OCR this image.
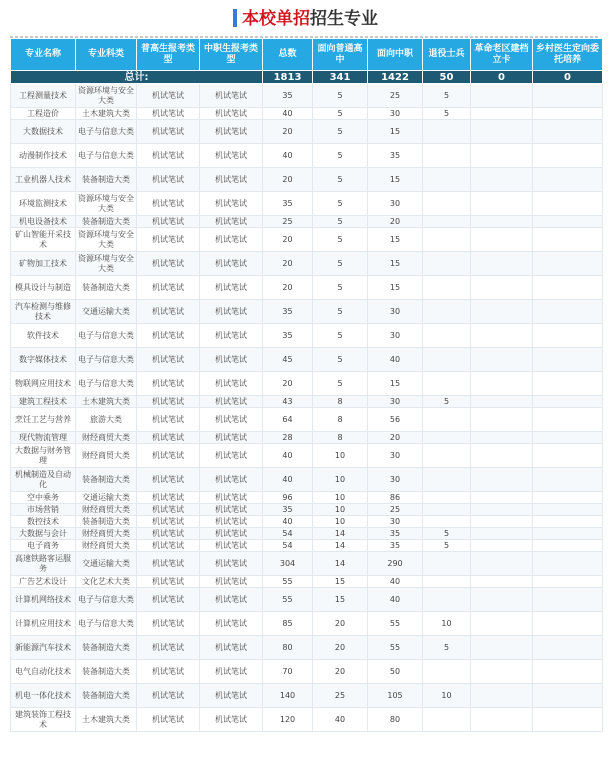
本校单招招生专业
专业名称	专业科类	普高生报考类型	中职生报考类型	总数	面向普通高中	面向中职	退役士兵	革命老区建档立卡	乡村医生定向委托培养
总计:				1813	341	1422	50	0	0
工程测量技术	资源环境与安全大类	机试笔试	机试笔试	35	5	25	5		
工程造价	土木建筑大类	机试笔试	机试笔试	40	5	30	5		
大数据技术	电子与信息大类	机试笔试	机试笔试	20	5	15			
动漫制作技术	电子与信息大类	机试笔试	机试笔试	40	5	35			
工业机器人技术	装备制造大类	机试笔试	机试笔试	20	5	15			
环境监测技术	资源环境与安全大类	机试笔试	机试笔试	35	5	30			
机电设备技术	装备制造大类	机试笔试	机试笔试	25	5	20			
矿山智能开采技术	资源环境与安全大类	机试笔试	机试笔试	20	5	15			
矿物加工技术	资源环境与安全大类	机试笔试	机试笔试	20	5	15			
模具设计与制造	装备制造大类	机试笔试	机试笔试	20	5	15			
汽车检测与维修技术	交通运输大类	机试笔试	机试笔试	35	5	30			
软件技术	电子与信息大类	机试笔试	机试笔试	35	5	30			
数字媒体技术	电子与信息大类	机试笔试	机试笔试	45	5	40			
物联网应用技术	电子与信息大类	机试笔试	机试笔试	20	5	15			
建筑工程技术	土木建筑大类	机试笔试	机试笔试	43	8	30	5		
烹饪工艺与营养	旅游大类	机试笔试	机试笔试	64	8	56			
现代物流管理	财经商贸大类	机试笔试	机试笔试	28	8	20			
大数据与财务管理	财经商贸大类	机试笔试	机试笔试	40	10	30			
机械制造及自动化	装备制造大类	机试笔试	机试笔试	40	10	30			
空中乘务	交通运输大类	机试笔试	机试笔试	96	10	86			
市场营销	财经商贸大类	机试笔试	机试笔试	35	10	25			
数控技术	装备制造大类	机试笔试	机试笔试	40	10	30			
大数据与会计	财经商贸大类	机试笔试	机试笔试	54	14	35	5		
电子商务	财经商贸大类	机试笔试	机试笔试	54	14	35	5		
高速铁路客运服务	交通运输大类	机试笔试	机试笔试	304	14	290			
广告艺术设计	文化艺术大类	机试笔试	机试笔试	55	15	40			
计算机网络技术	电子与信息大类	机试笔试	机试笔试	55	15	40			
计算机应用技术	电子与信息大类	机试笔试	机试笔试	85	20	55	10		
新能源汽车技术	装备制造大类	机试笔试	机试笔试	80	20	55	5		
电气自动化技术	装备制造大类	机试笔试	机试笔试	70	20	50			
机电一体化技术	装备制造大类	机试笔试	机试笔试	140	25	105	10		
建筑装饰工程技术	土木建筑大类	机试笔试	机试笔试	120	40	80			
